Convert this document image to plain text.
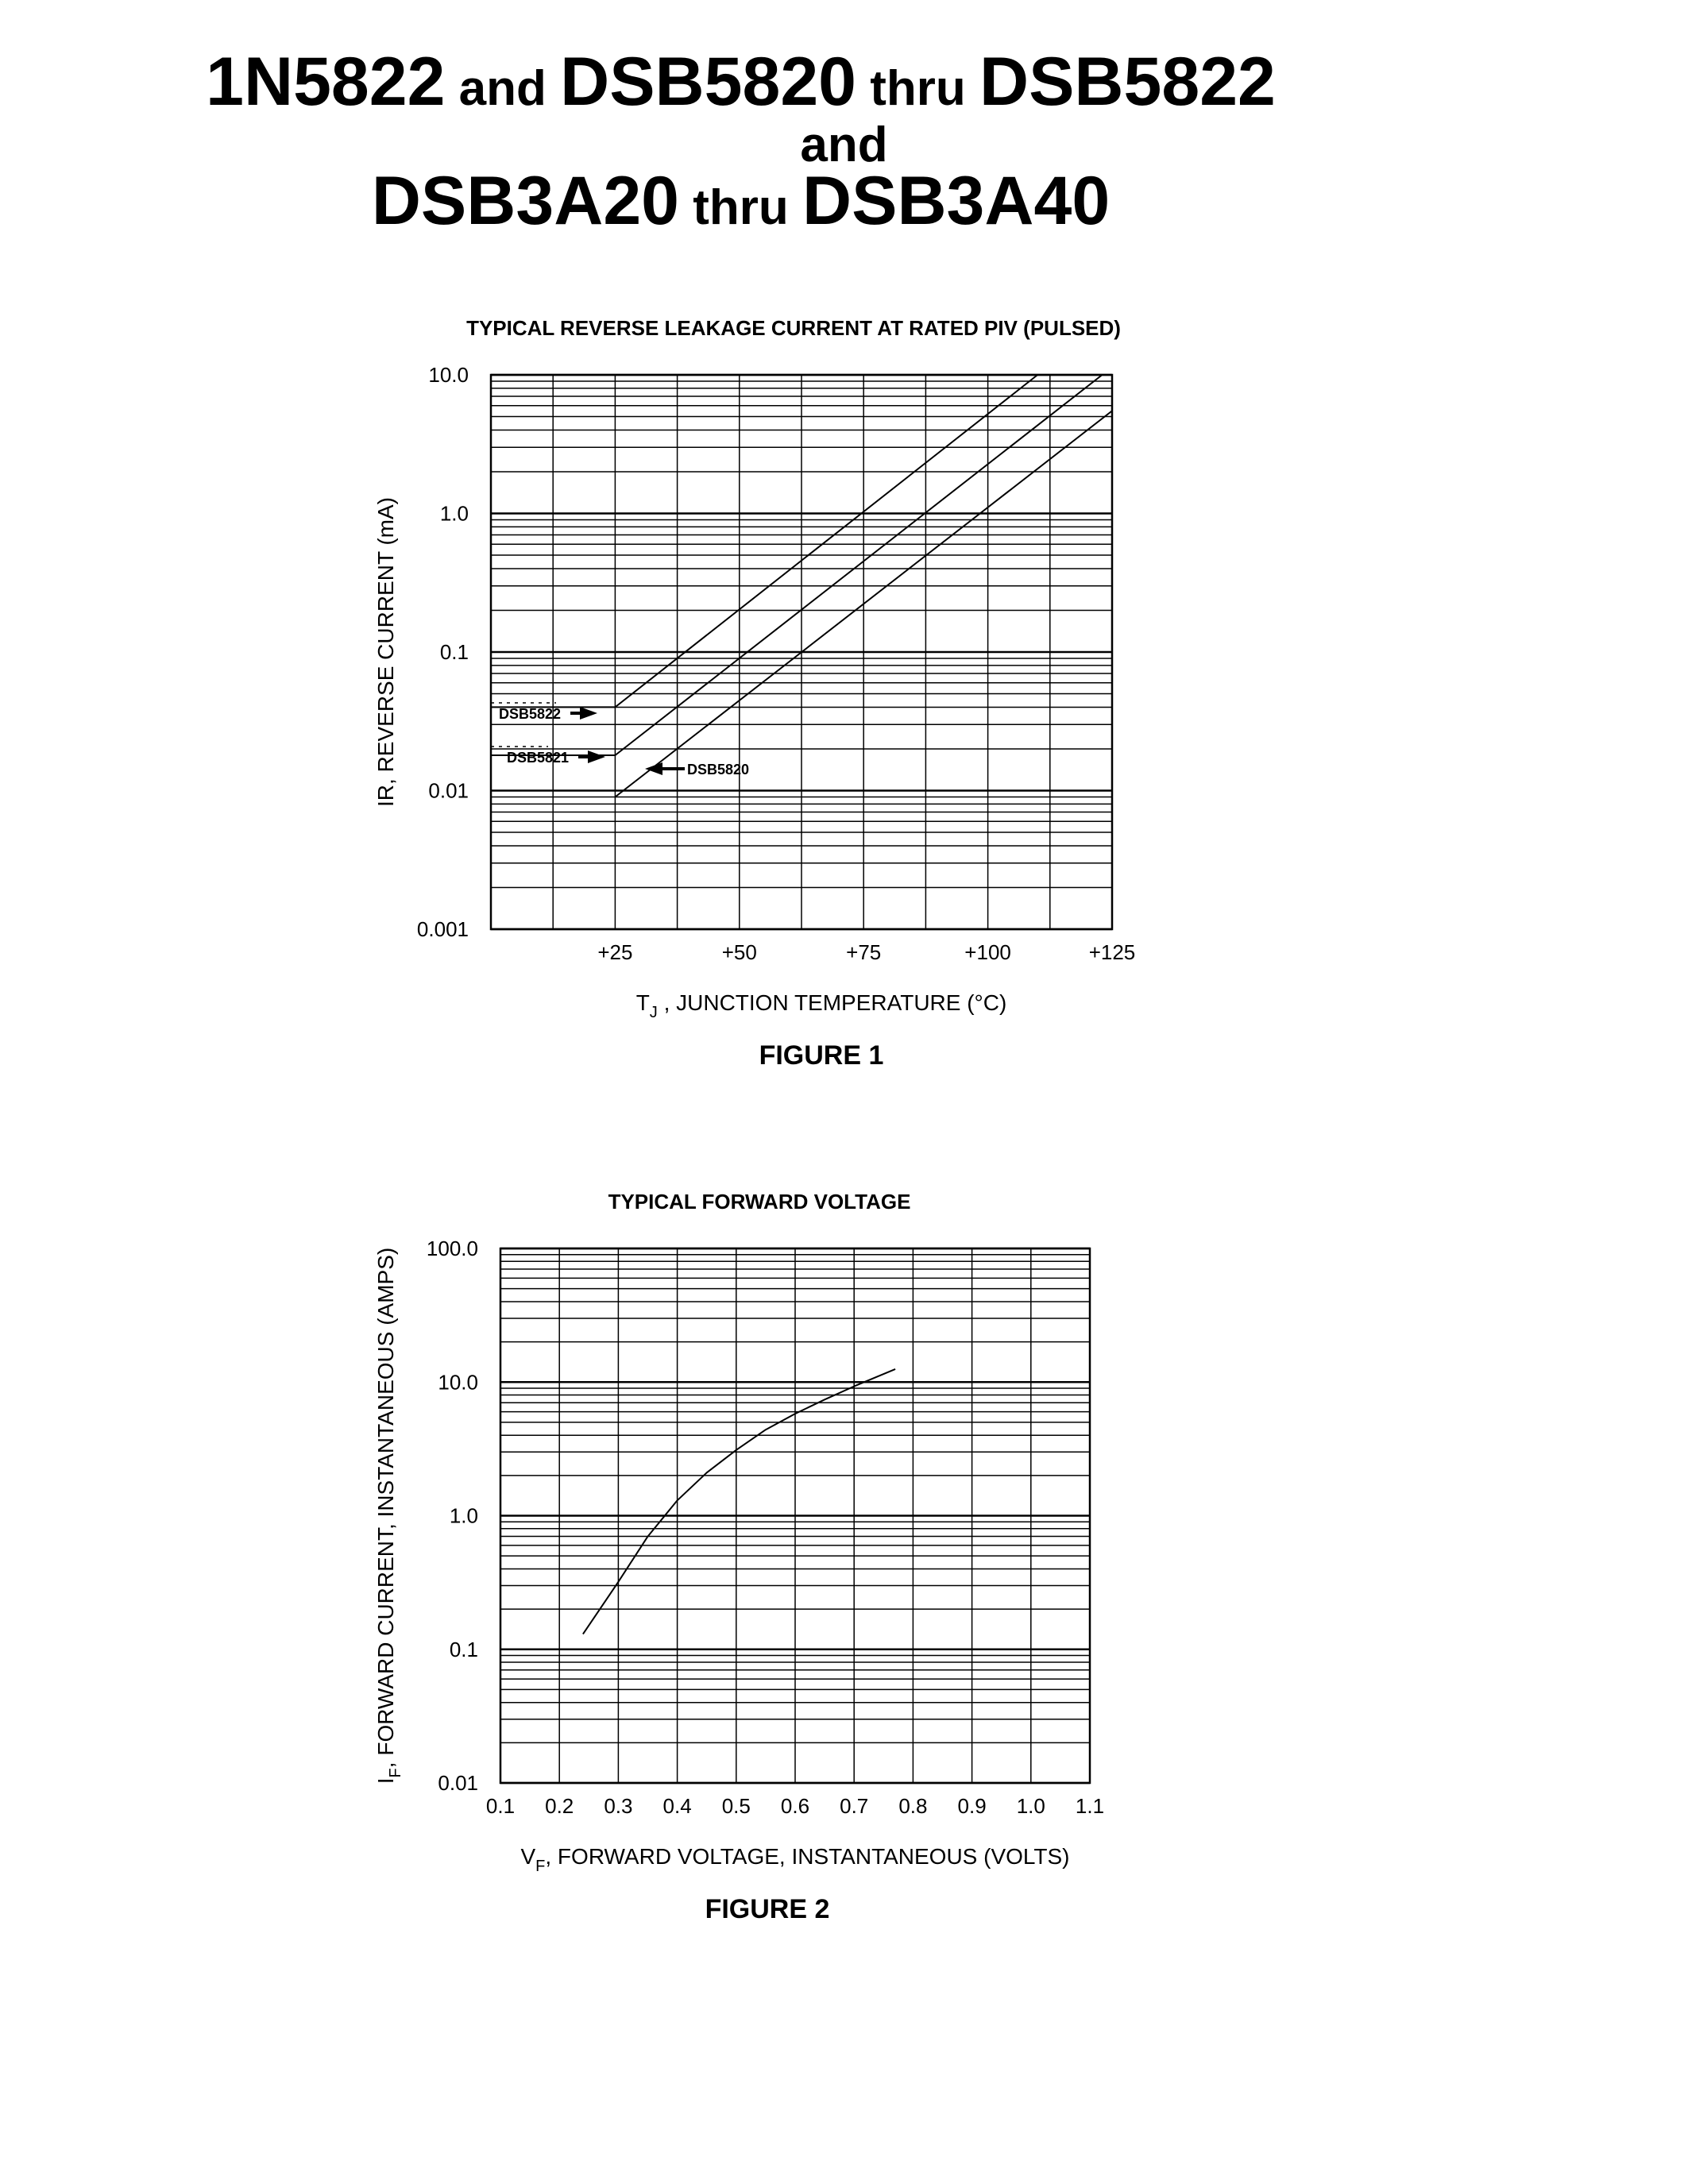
1N5822 and DSB5820 thru DSB5822
and
DSB3A20 thru DSB3A40
TYPICAL REVERSE LEAKAGE CURRENT AT RATED PIV (PULSED)
10.0
1.0
0.1
0.01
0.001
+25	+50	+75	+100	+125
$T_J$ , JUNCTION TEMPERATURE (°C)
IR, REVERSE CURRENT (mA)
FIGURE 1
DSB5822
DSB5821
DSB5820
TYPICAL FORWARD VOLTAGE
100.0
10.0
1.0
0.1
0.01
0.1 0.2 0.3 0.4 0.5 0.6 0.7 0.8 0.9 1.0 1.1
$V_F$, FORWARD VOLTAGE, INSTANTANEOUS (VOLTS)
$I_F$, FORWARD CURRENT, INSTANTANEOUS (AMPS)
FIGURE 2
